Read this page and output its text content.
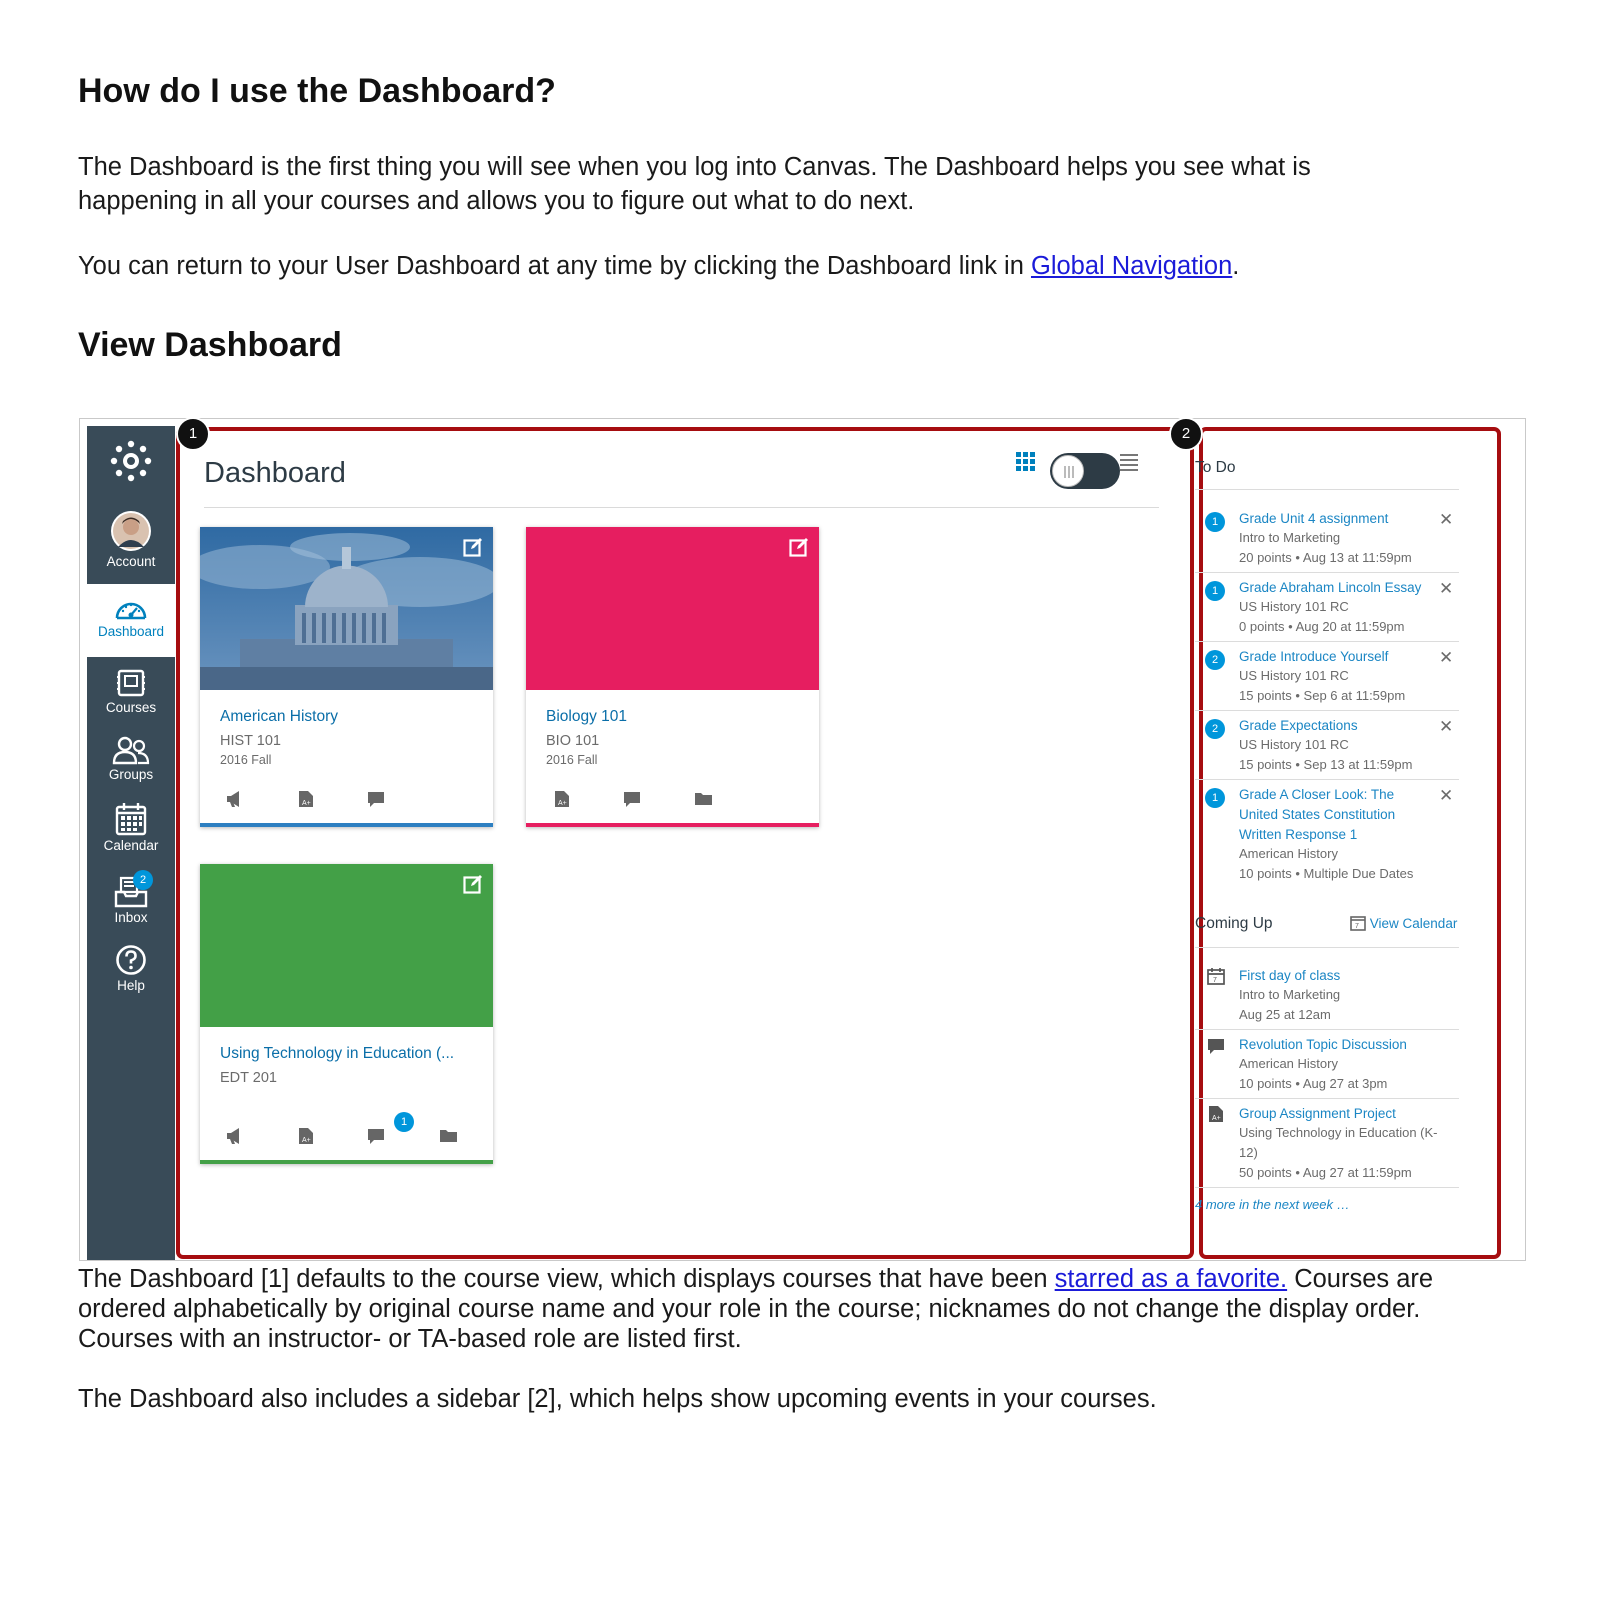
How do I use the Dashboard?

The Dashboard is the first thing you will see when you log into Canvas. The Dashboard helps you see what is

happening in all your courses and allows you to figure out what to do next.

You can return to your User Dashboard at any time by clicking the Dashboard link in Global Navigation.

View Dashboard

The Dashboard [1] defaults to the course view, which displays courses that have been starred as a favorite. Courses are

ordered alphabetically by original course name and your role in the course; nicknames do not change the display order.

Courses with an instructor- or TA-based role are listed first.

The Dashboard also includes a sidebar [2], which helps show upcoming events in your courses.

Account
Dashboard
Courses
Groups
Calendar
2
Inbox
Help
1	2
Dashboard
American History
HIST 101
2016 Fall
A+
Biology 101
BIO 101
2016 Fall
A+
Using Technology in Education (...
EDT 201
A+
1
To Do
1	Grade Unit 4 assignment
Intro to Marketing
20 points • Aug 13 at 11:59pm
✕
1	Grade Abraham Lincoln Essay
US History 101 RC
0 points • Aug 20 at 11:59pm
✕
2	Grade Introduce Yourself
US History 101 RC
15 points • Sep 6 at 11:59pm
✕
2	Grade Expectations
US History 101 RC
15 points • Sep 13 at 11:59pm
✕
1	Grade A Closer Look: The United States Constitution Written Response 1
American History
10 points • Multiple Due Dates
✕
Coming Up	7 View Calendar
7 First day of class
Intro to Marketing
Aug 25 at 12am
Revolution Topic Discussion
American History
10 points • Aug 27 at 3pm
A+ Group Assignment Project
Using Technology in Education (K-12)
50 points • Aug 27 at 11:59pm
4 more in the next week …
